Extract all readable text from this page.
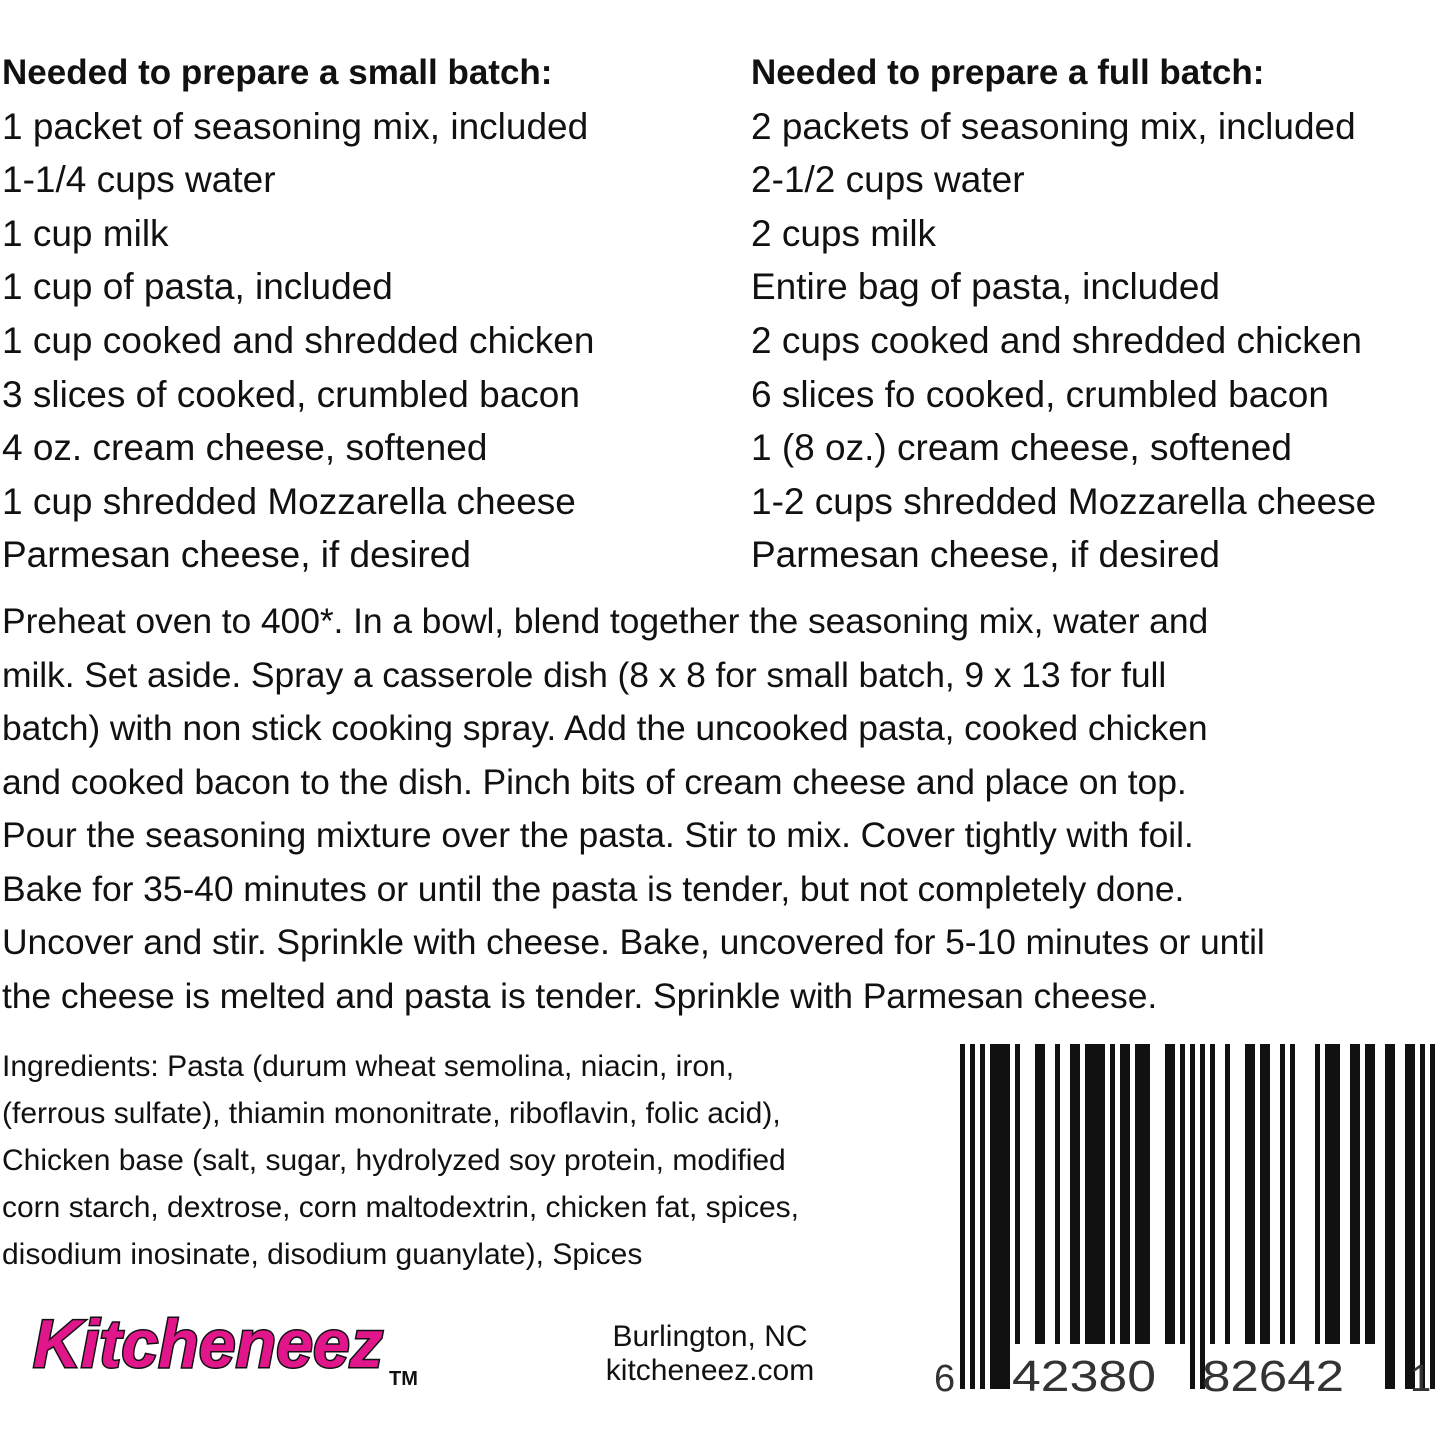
Needed to prepare a small batch:
1 packet of seasoning mix, included
1-1/4 cups water
1 cup milk
1 cup of pasta, included
1 cup cooked and shredded chicken
3 slices of cooked, crumbled bacon
4 oz. cream cheese, softened
1 cup shredded Mozzarella cheese
Parmesan cheese, if desired
Needed to prepare a full batch:
2 packets of seasoning mix, included
2-1/2 cups water
2 cups milk
Entire bag of pasta, included
2 cups cooked and shredded chicken
6 slices fo cooked, crumbled bacon
1 (8 oz.) cream cheese, softened
1-2 cups shredded Mozzarella cheese
Parmesan cheese, if desired
Preheat oven to 400*. In a bowl, blend together the seasoning mix, water and
milk. Set aside. Spray a casserole dish (8 x 8 for small batch, 9 x 13 for full
batch) with non stick cooking spray. Add the uncooked pasta, cooked chicken
and cooked bacon to the dish. Pinch bits of cream cheese and place on top.
Pour the seasoning mixture over the pasta. Stir to mix. Cover tightly with foil.
Bake for 35-40 minutes or until the pasta is tender, but not completely done.
Uncover and stir. Sprinkle with cheese. Bake, uncovered for 5-10 minutes or until
the cheese is melted and pasta is tender. Sprinkle with Parmesan cheese.
Ingredients: Pasta (durum wheat semolina, niacin, iron,
(ferrous sulfate), thiamin mononitrate, riboflavin, folic acid),
Chicken base (salt, sugar, hydrolyzed soy protein, modified
corn starch, dextrose, corn maltodextrin, chicken fat, spices,
disodium inosinate, disodium guanylate), Spices
Kitcheneez TM
Burlington, NC
kitcheneez.com	6 42380 82642 1
